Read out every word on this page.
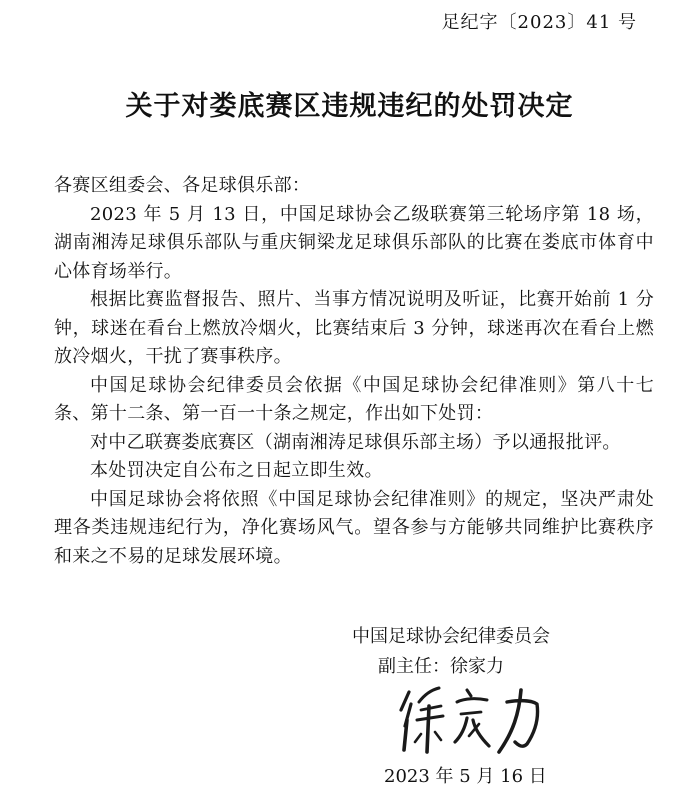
足纪字〔2023〕41 号
关于对娄底赛区违规违纪的处罚决定

各赛区组委会、各足球俱乐部：

2023 年 5 月 13 日，中国足球协会乙级联赛第三轮场序第 18 场，湖南湘涛足球俱乐部队与重庆铜梁龙足球俱乐部队的比赛在娄底市体育中心体育场举行。

根据比赛监督报告、照片、当事方情况说明及听证，比赛开始前 1 分钟，球迷在看台上燃放冷烟火，比赛结束后 3 分钟，球迷再次在看台上燃放冷烟火，干扰了赛事秩序。

中国足球协会纪律委员会依据《中国足球协会纪律准则》第八十七条、第十二条、第一百一十条之规定，作出如下处罚：

对中乙联赛娄底赛区（湖南湘涛足球俱乐部主场）予以通报批评。

本处罚决定自公布之日起立即生效。

中国足球协会将依照《中国足球协会纪律准则》的规定，坚决严肃处理各类违规违纪行为，净化赛场风气。望各参与方能够共同维护比赛秩序和来之不易的足球发展环境。

中国足球协会纪律委员会
副主任：徐家力
2023 年 5 月 16 日
